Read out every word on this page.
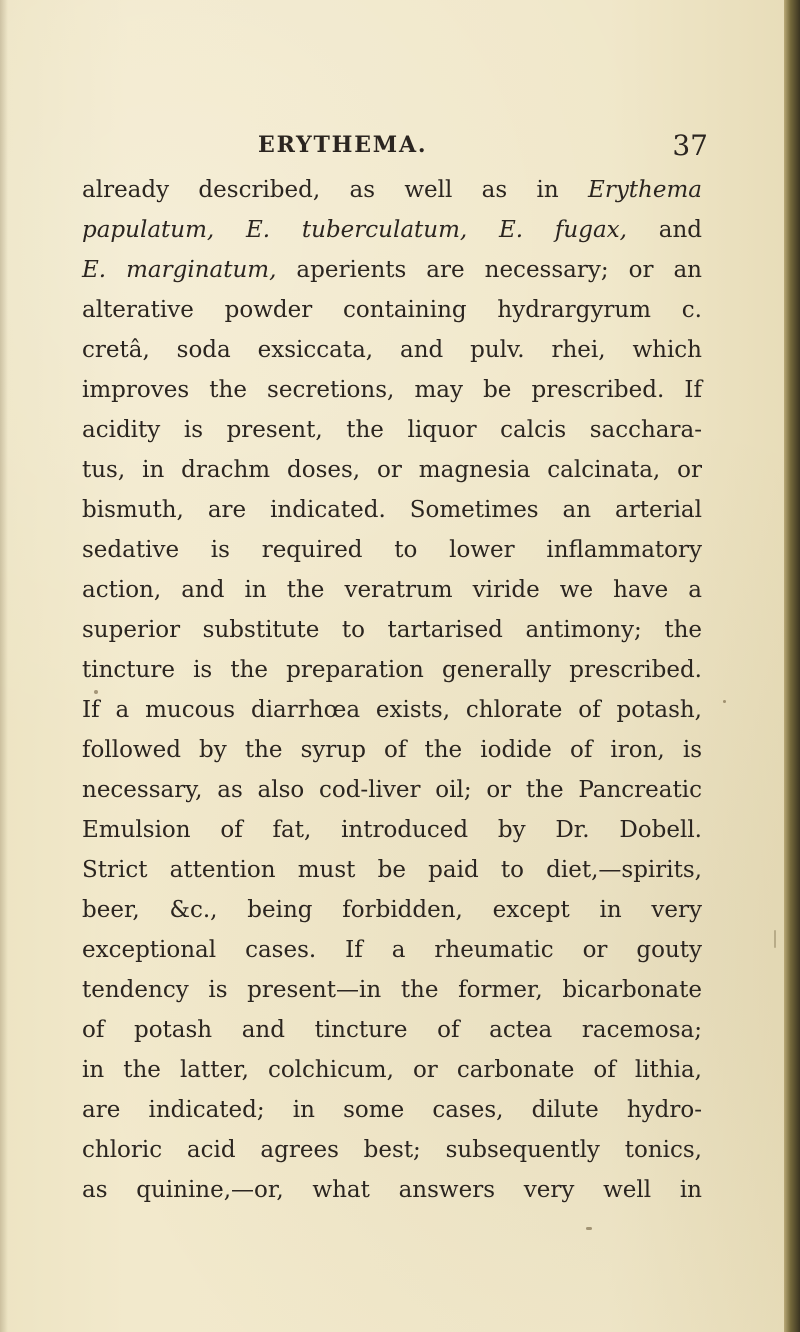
ERYTHEMA.	37
already described, as well as in Erythema
papulatum, E. tuberculatum, E. fugax, and
E. marginatum, aperients are necessary; or an
alterative powder containing hydrargyrum c.
cretâ, soda exsiccata, and pulv. rhei, which
improves the secretions, may be prescribed. If
acidity is present, the liquor calcis sacchara-
tus, in drachm doses, or magnesia calcinata, or
bismuth, are indicated. Sometimes an arterial
sedative is required to lower inflammatory
action, and in the veratrum viride we have a
superior substitute to tartarised antimony; the
tincture is the preparation generally prescribed.
If a mucous diarrhœa exists, chlorate of potash,
followed by the syrup of the iodide of iron, is
necessary, as also cod-liver oil; or the Pancreatic
Emulsion of fat, introduced by Dr. Dobell.
Strict attention must be paid to diet,—spirits,
beer, &c., being forbidden, except in very
exceptional cases. If a rheumatic or gouty
tendency is present—in the former, bicarbonate
of potash and tincture of actea racemosa;
in the latter, colchicum, or carbonate of lithia,
are indicated; in some cases, dilute hydro-
chloric acid agrees best; subsequently tonics,
as quinine,—or, what answers very well in
